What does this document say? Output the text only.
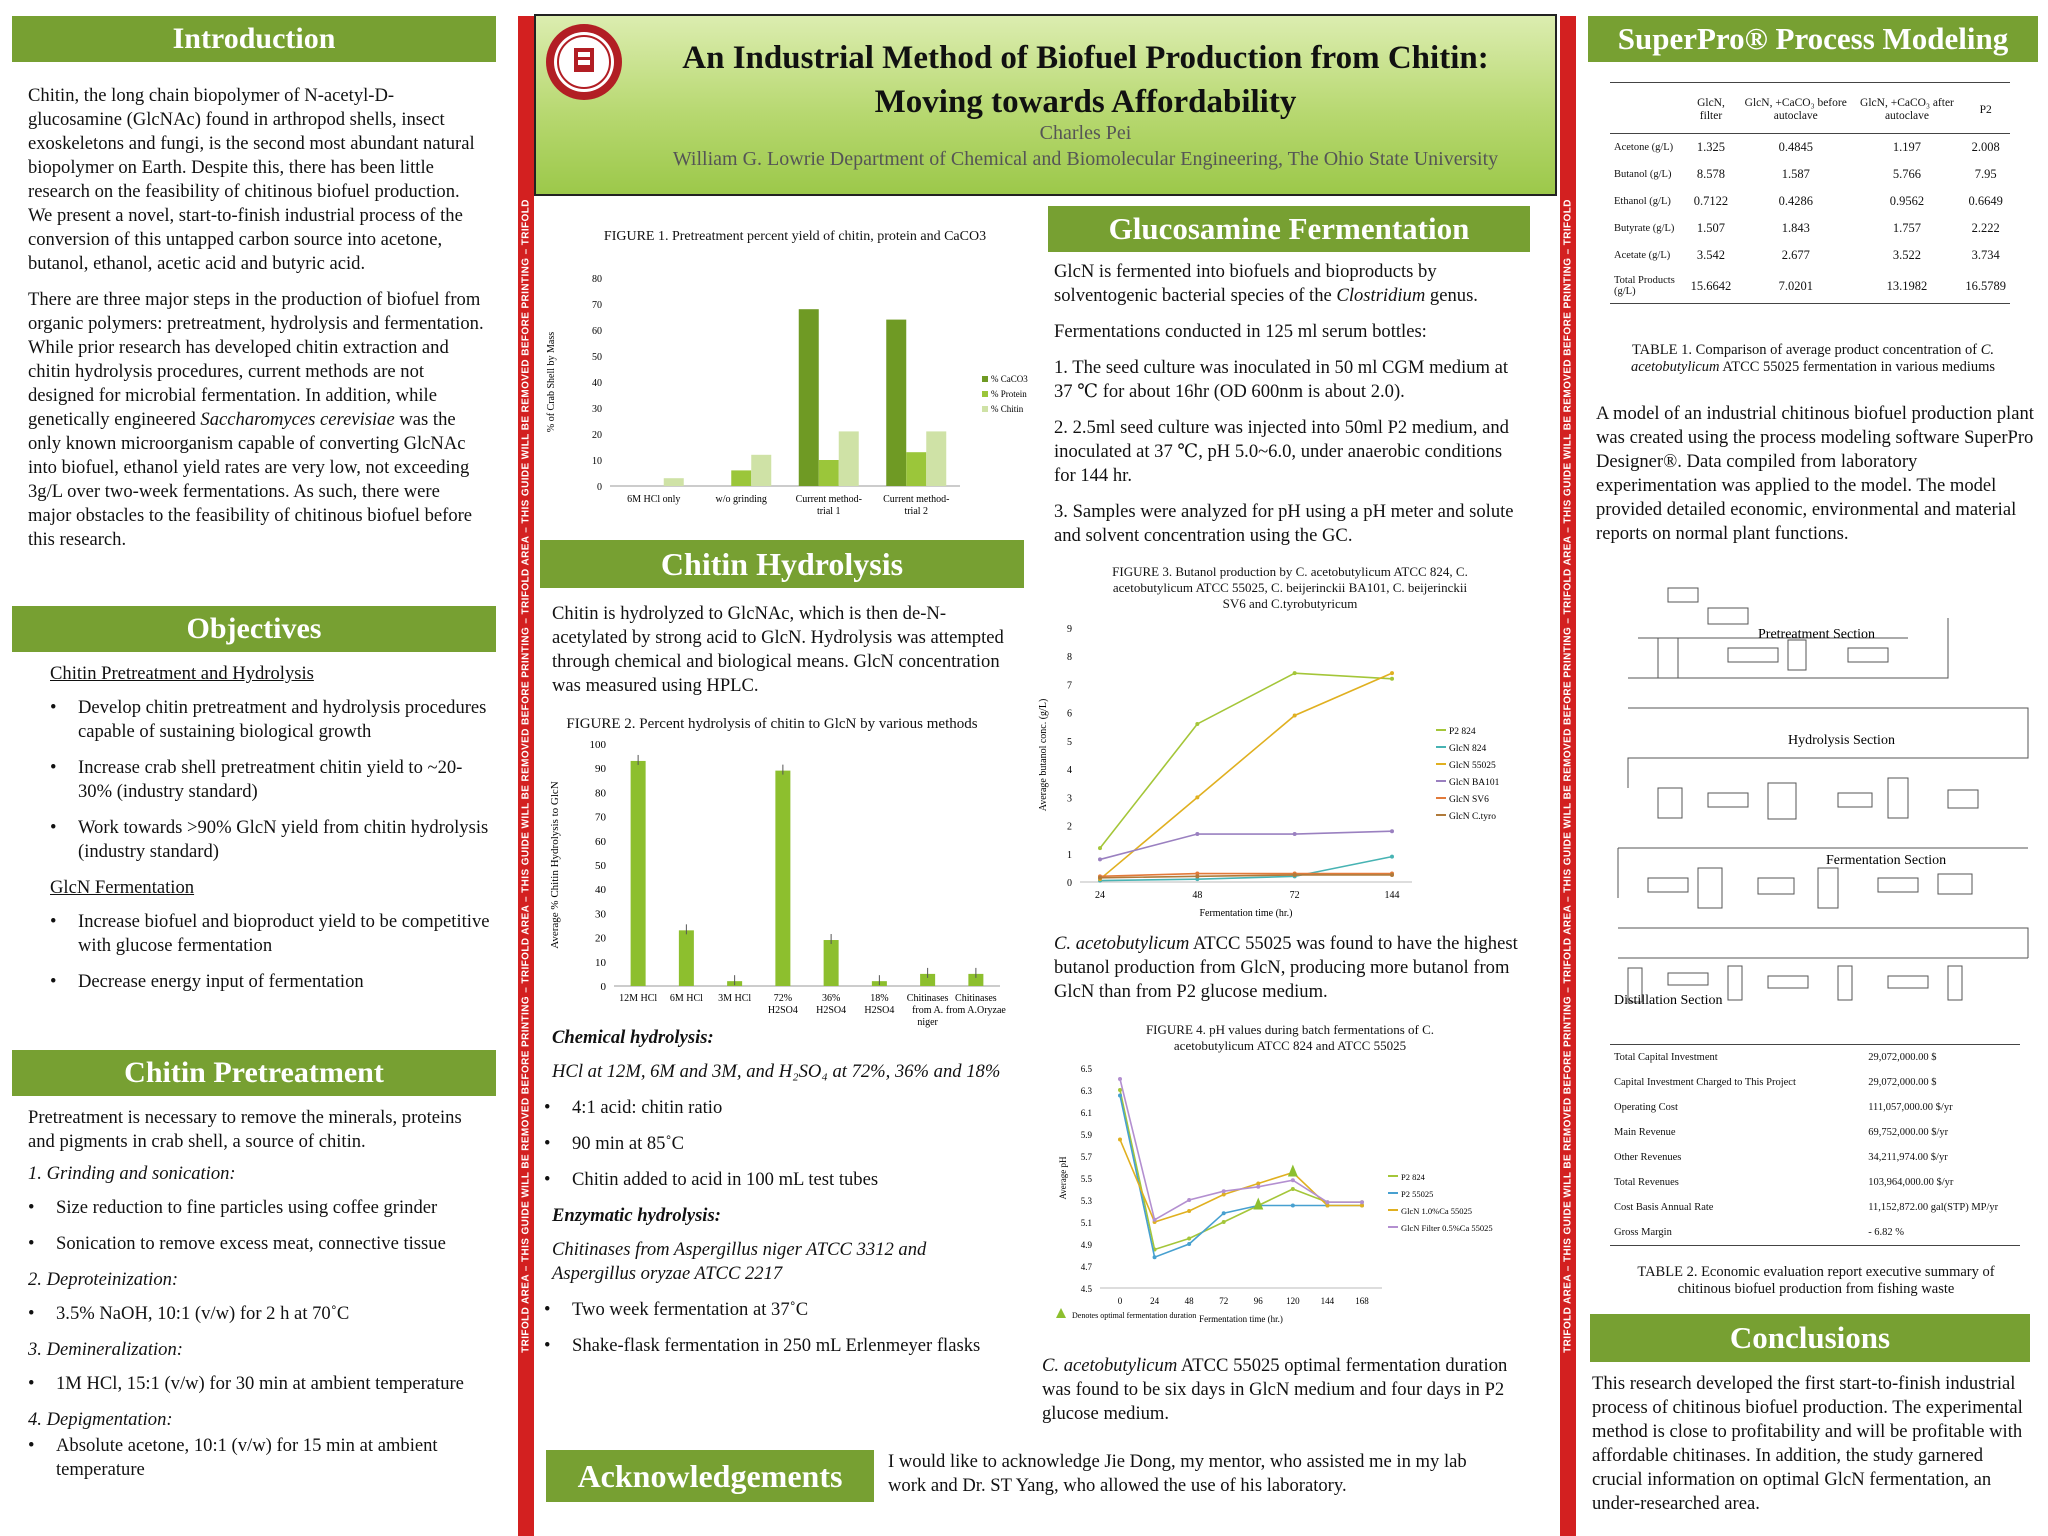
Introduction

Chitin, the long chain biopolymer of N-acetyl-D-glucosamine (GlcNAc) found in arthropod shells, insect exoskeletons and fungi, is the second most abundant natural biopolymer on Earth. Despite this, there has been little research on the feasibility of chitinous biofuel production. We present a novel, start-to-finish industrial process of the conversion of this untapped carbon source into acetone, butanol, ethanol, acetic acid and butyric acid.

There are three major steps in the production of biofuel from organic polymers: pretreatment, hydrolysis and fermentation. While prior research has developed chitin extraction and chitin hydrolysis procedures, current methods are not designed for microbial fermentation. In addition, while genetically engineered Saccharomyces cerevisiae was the only known microorganism capable of converting GlcNAc into biofuel, ethanol yield rates are very low, not exceeding 3g/L over two-week fermentations. As such, there were major obstacles to the feasibility of chitinous biofuel before this research.

Objectives
Chitin Pretreatment and Hydrolysis
• Develop chitin pretreatment and hydrolysis procedures capable of sustaining biological growth
• Increase crab shell pretreatment chitin yield to ~20-30% (industry standard)
• Work towards >90% GlcN yield from chitin hydrolysis (industry standard)
GlcN Fermentation
• Increase biofuel and bioproduct yield to be competitive with glucose fermentation
• Decrease energy input of fermentation
Chitin Pretreatment

Pretreatment is necessary to remove the minerals, proteins and pigments in crab shell, a source of chitin.

1. Grinding and sonication:
• Size reduction to fine particles using coffee grinder
• Sonication to remove excess meat, connective tissue
2. Deproteinization:
• 3.5% NaOH, 10:1 (v/w) for 2 h at 70˚C
3. Demineralization:
• 1M HCl, 15:1 (v/w) for 30 min at ambient temperature
4. Depigmentation:
• Absolute acetone, 10:1 (v/w) for 15 min at ambient temperature
TRIFOLD AREA – THIS GUIDE WILL BE REMOVED BEFORE PRINTING – TRIFOLD AREA – THIS GUIDE WILL BE REMOVED BEFORE PRINTING – TRIFOLD AREA – THIS GUIDE WILL BE REMOVED BEFORE PRINTING – TRIFOLD	TRIFOLD AREA – THIS GUIDE WILL BE REMOVED BEFORE PRINTING – TRIFOLD AREA – THIS GUIDE WILL BE REMOVED BEFORE PRINTING – TRIFOLD AREA – THIS GUIDE WILL BE REMOVED BEFORE PRINTING – TRIFOLD
An Industrial Method of Biofuel Production from Chitin:
Moving towards Affordability
Charles Pei
William G. Lowrie Department of Chemical and Biomolecular Engineering, The Ohio State University
FIGURE 1. Pretreatment percent yield of chitin, protein and CaCO3
0
10
20
30
40
50
60
70
80
% of Crab Shell by Mass
6M HCl only	w/o grinding	Current method-
trial 1
Current method-
trial 2
% CaCO3
% Protein
% Chitin
Chitin Hydrolysis
Chitin is hydrolyzed to GlcNAc, which is then de-N-acetylated by strong acid to GlcN. Hydrolysis was attempted through chemical and biological means. GlcN concentration was measured using HPLC.
FIGURE 2. Percent hydrolysis of chitin to GlcN by various methods
0
10
20
30
40
50
60
70
80
90
100
Average % Chitin Hydrolysis to GlcN
12M HCl 6M HCl 3M HCl 72%
H2SO4
36%
H2SO4
18%
H2SO4
Chitinases
from A.
niger
Chitinases
from A.Oryzae
Chemical hydrolysis:
HCl at 12M, 6M and 3M, and H₂SO₄ at 72%, 36% and 18%
• 4:1 acid: chitin ratio
• 90 min at 85˚C
• Chitin added to acid in 100 mL test tubes
Enzymatic hydrolysis:
Chitinases from Aspergillus niger ATCC 3312 and Aspergillus oryzae ATCC 2217
• Two week fermentation at 37˚C
• Shake-flask fermentation in 250 mL Erlenmeyer flasks
Acknowledgements	I would like to acknowledge Jie Dong, my mentor, who assisted me in my lab work and Dr. ST Yang, who allowed the use of his laboratory.
Glucosamine Fermentation

GlcN is fermented into biofuels and bioproducts by solventogenic bacterial species of the Clostridium genus.

Fermentations conducted in 125 ml serum bottles:

1. The seed culture was inoculated in 50 ml CGM medium at 37 ℃ for about 16hr (OD 600nm is about 2.0).

2. 2.5ml seed culture was injected into 50ml P2 medium, and inoculated at 37 ℃, pH 5.0~6.0, under anaerobic conditions for 144 hr.

3. Samples were analyzed for pH using a pH meter and solute and solvent concentration using the GC.

FIGURE 3. Butanol production by C. acetobutylicum ATCC 824, C. acetobutylicum ATCC 55025, C. beijerinckii BA101, C. beijerinckii SV6 and C.tyrobutyricum
0
1
2
3
4
5
6
7
8
9
24	48	72	144
Fermentation time (hr.)
Average butanol conc. (g/L)	P2 824
GlcN 824
GlcN 55025
GlcN BA101
GlcN SV6
GlcN C.tyro
C. acetobutylicum ATCC 55025 was found to have the highest butanol production from GlcN, producing more butanol from GlcN than from P2 glucose medium.
FIGURE 4. pH values during batch fermentations of C. acetobutylicum ATCC 824 and ATCC 55025
4.5
4.7
4.9
5.1
5.3
5.5
5.7
5.9
6.1
6.3
6.5
0	24	48	72	96	120 144 168
Fermentation time (hr.)
Average pH	P2 824
P2 55025
GlcN 1.0%Ca 55025
GlcN Filter 0.5%Ca 55025
Denotes optimal fermentation duration
C. acetobutylicum ATCC 55025 optimal fermentation duration was found to be six days in GlcN medium and four days in P2 glucose medium.
SuperPro® Process Modeling
	GlcN, filter	GlcN, +CaCO₃ before autoclave	GlcN, +CaCO₃ after autoclave	P2
Acetone (g/L)	1.325	0.4845	1.197	2.008
Butanol (g/L)	8.578	1.587	5.766	7.95
Ethanol (g/L)	0.7122	0.4286	0.9562	0.6649
Butyrate (g/L)	1.507	1.843	1.757	2.222
Acetate (g/L)	3.542	2.677	3.522	3.734
Total Products (g/L)	15.6642	7.0201	13.1982	16.5789
TABLE 1. Comparison of average product concentration of C. acetobutylicum ATCC 55025 fermentation in various mediums
A model of an industrial chitinous biofuel production plant was created using the process modeling software SuperPro Designer®. Data compiled from laboratory experimentation was applied to the model. The model provided detailed economic, environmental and material reports on normal plant functions.
Pretreatment Section
Hydrolysis Section
Fermentation Section
Distillation Section
Total Capital Investment	29,072,000.00 $
Capital Investment Charged to This Project	29,072,000.00 $
Operating Cost	111,057,000.00 $/yr
Main Revenue	69,752,000.00 $/yr
Other Revenues	34,211,974.00 $/yr
Total Revenues	103,964,000.00 $/yr
Cost Basis Annual Rate	11,152,872.00 gal(STP) MP/yr
Gross Margin	- 6.82 %
TABLE 2. Economic evaluation report executive summary of chitinous biofuel production from fishing waste
Conclusions
This research developed the first start-to-finish industrial process of chitinous biofuel production. The experimental method is close to profitability and will be profitable with affordable chitinases. In addition, the study garnered crucial information on optimal GlcN fermentation, an under-researched area.
